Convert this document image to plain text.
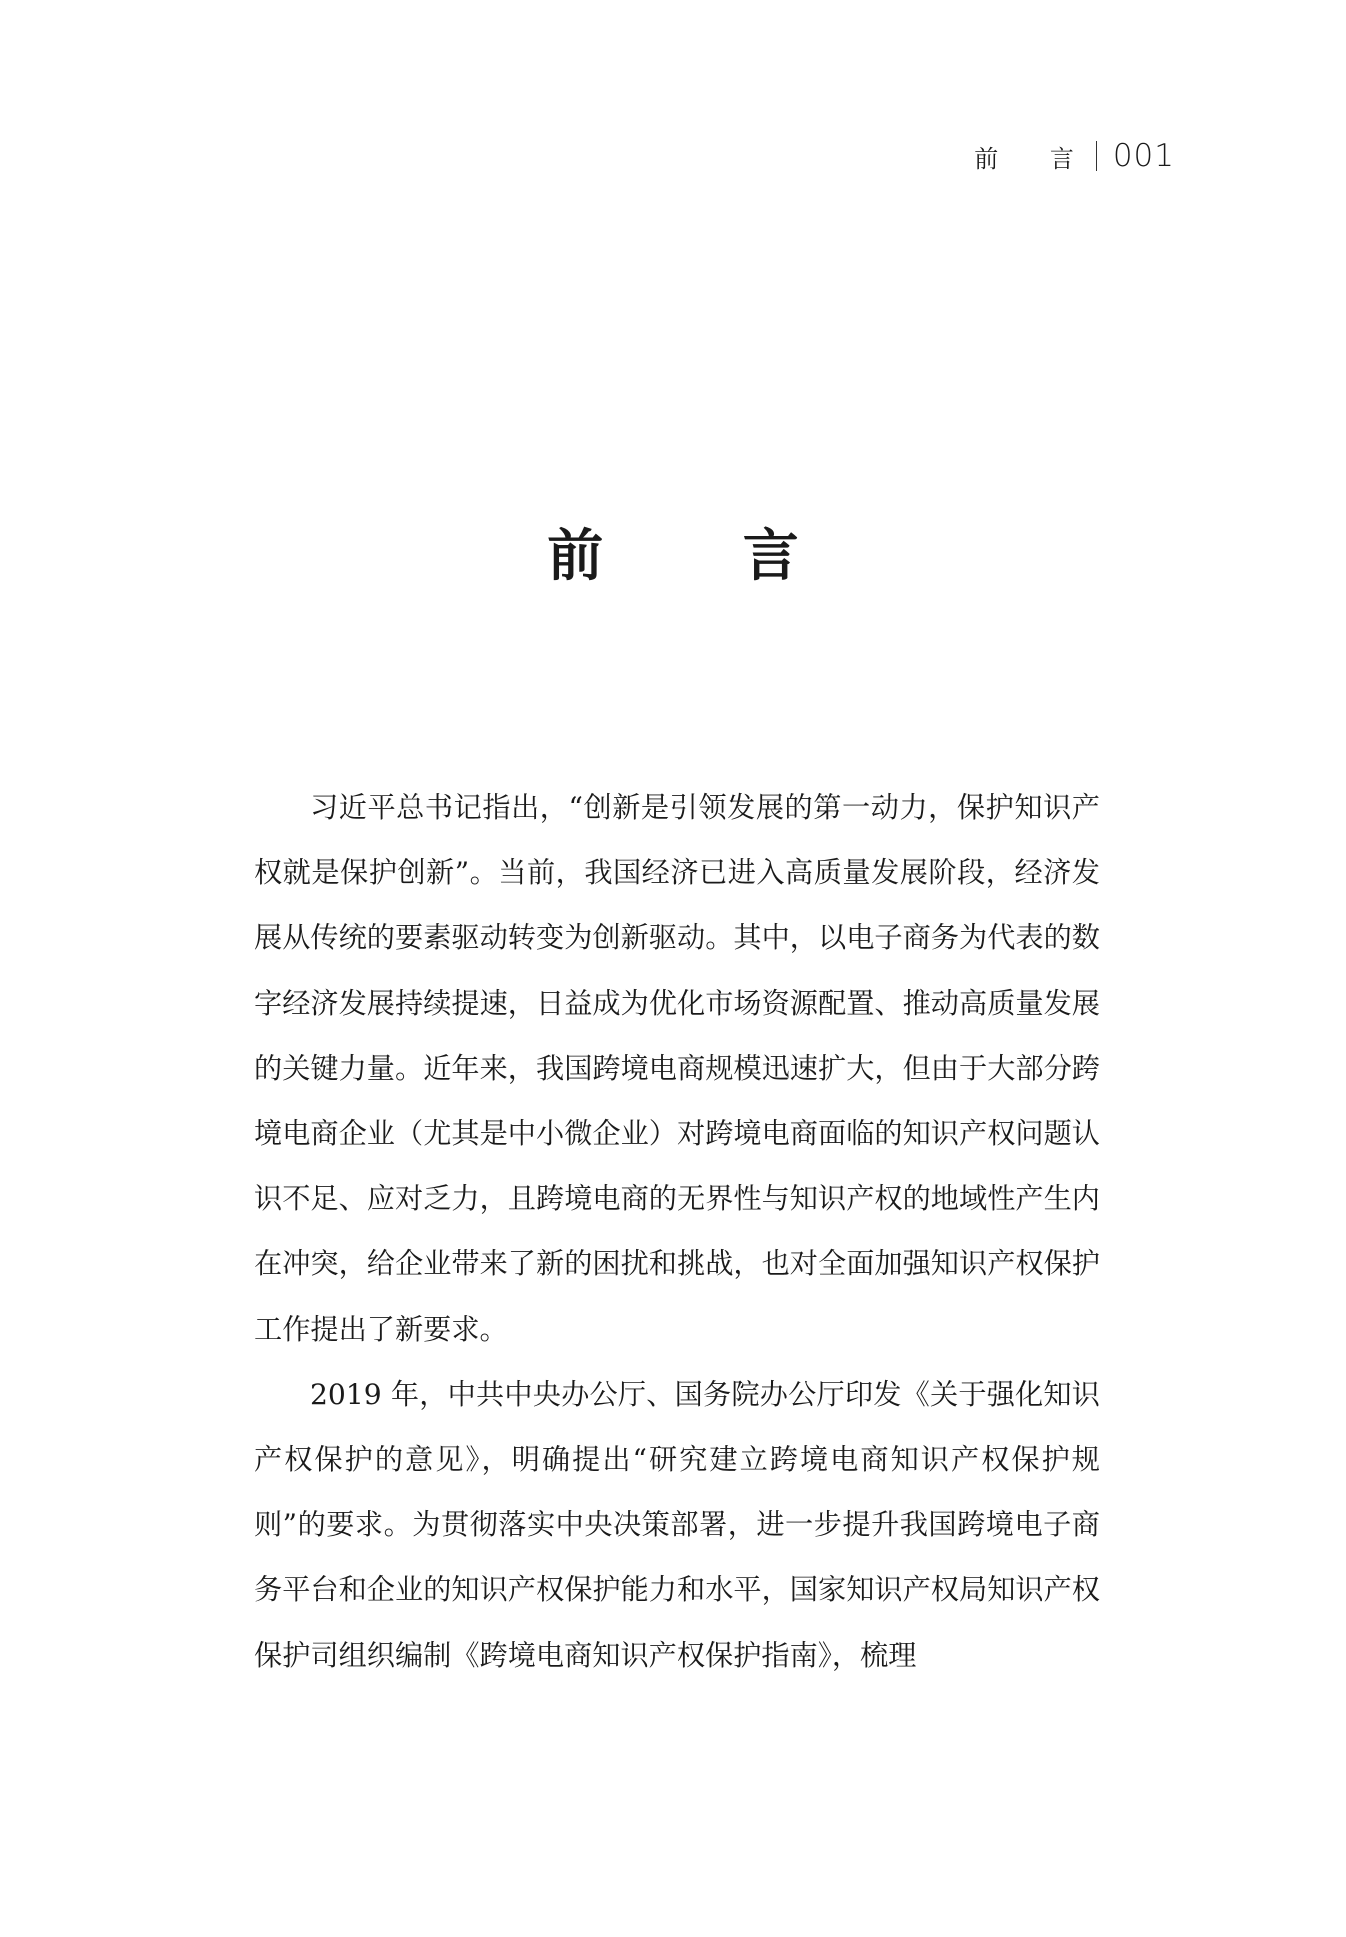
前 言 001
前 言

习近平总书记指出，“创新是引领发展的第一动力，保护知识产权就是保护创新”。当前，我国经济已进入高质量发展阶段，经济发展从传统的要素驱动转变为创新驱动。其中，以电子商务为代表的数字经济发展持续提速，日益成为优化市场资源配置、推动高质量发展的关键力量。近年来，我国跨境电商规模迅速扩大，但由于大部分跨境电商企业（尤其是中小微企业）对跨境电商面临的知识产权问题认识不足、应对乏力，且跨境电商的无界性与知识产权的地域性产生内在冲突，给企业带来了新的困扰和挑战，也对全面加强知识产权保护工作提出了新要求。

2019 年，中共中央办公厅、国务院办公厅印发《关于强化知识产权保护的意见》，明确提出“研究建立跨境电商知识产权保护规则”的要求。为贯彻落实中央决策部署，进一步提升我国跨境电子商务平台和企业的知识产权保护能力和水平，国家知识产权局知识产权保护司组织编制《跨境电商知识产权保护指南》，梳理
